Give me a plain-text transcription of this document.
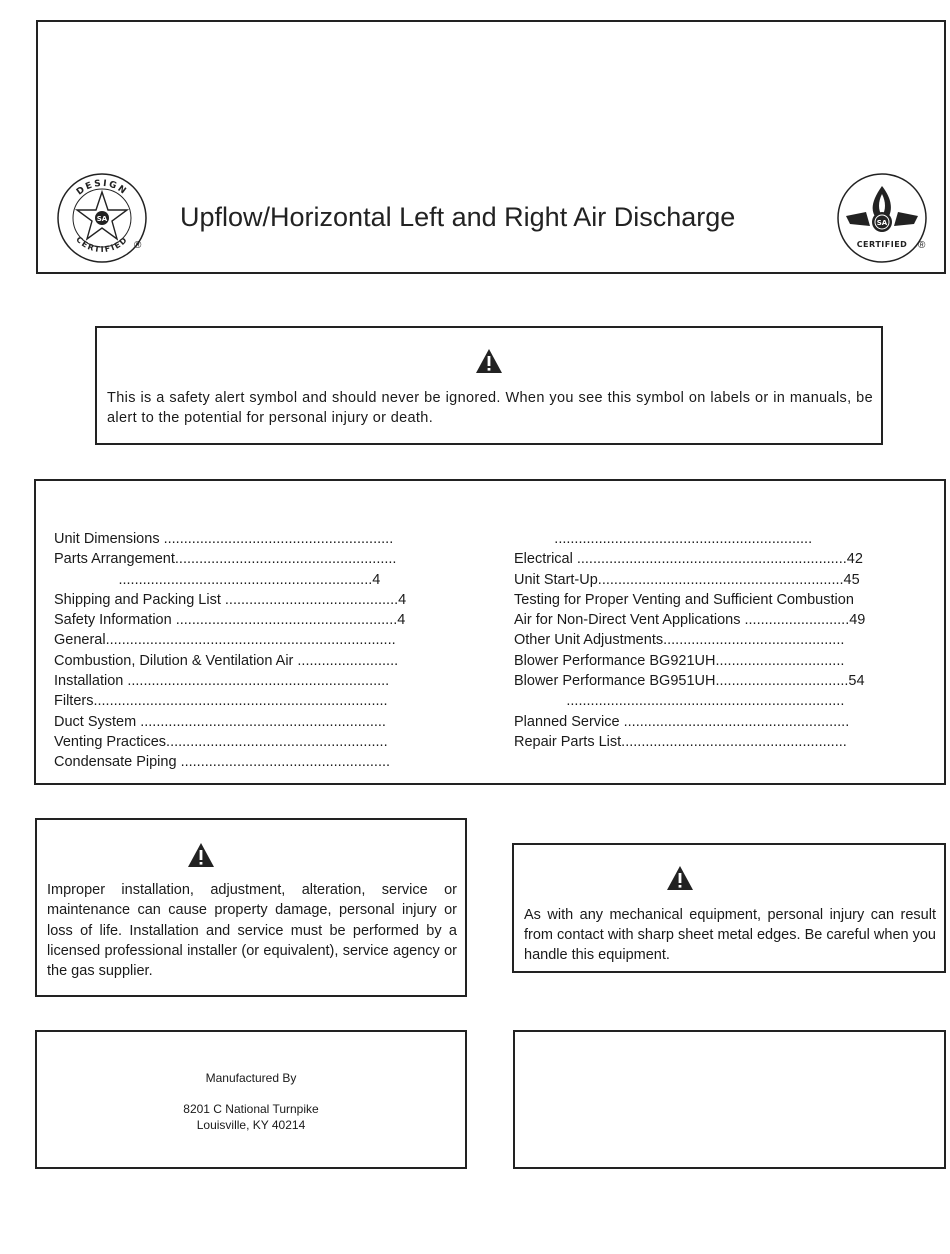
SA
DESIGN
CERTIFIED ®
Upflow/Horizontal Left and Right Air Discharge	SA
CERTIFIED ®
This is a safety alert symbol and should never be ignored. When you see this symbol on labels or in manuals, be alert to the potential for personal injury or death.
Unit Dimensions .........................................................
Parts Arrangement.......................................................
...............................................................4
Shipping and Packing List ...........................................4
Safety Information .......................................................4
General........................................................................
Combustion, Dilution & Ventilation Air .........................
Installation .................................................................
Filters.........................................................................
Duct System .............................................................
Venting Practices.......................................................
Condensate Piping ....................................................
................................................................
Electrical ...................................................................42
Unit Start-Up.............................................................45
Testing for Proper Venting and Sufficient Combustion
Air for Non-Direct Vent Applications ..........................49
Other Unit Adjustments.............................................
Blower Performance BG921UH................................
Blower Performance BG951UH.................................54
.....................................................................
Planned Service ........................................................
Repair Parts List........................................................
Improper installation, adjustment, alteration, service or maintenance can cause property damage, personal injury or loss of life. Installation and service must be performed by a licensed professional installer (or equivalent), service agency or the gas supplier.
As with any mechanical equipment, personal injury can result from contact with sharp sheet metal edges. Be careful when you handle this equipment.
Manufactured By
8201 C National Turnpike
Louisville, KY 40214
